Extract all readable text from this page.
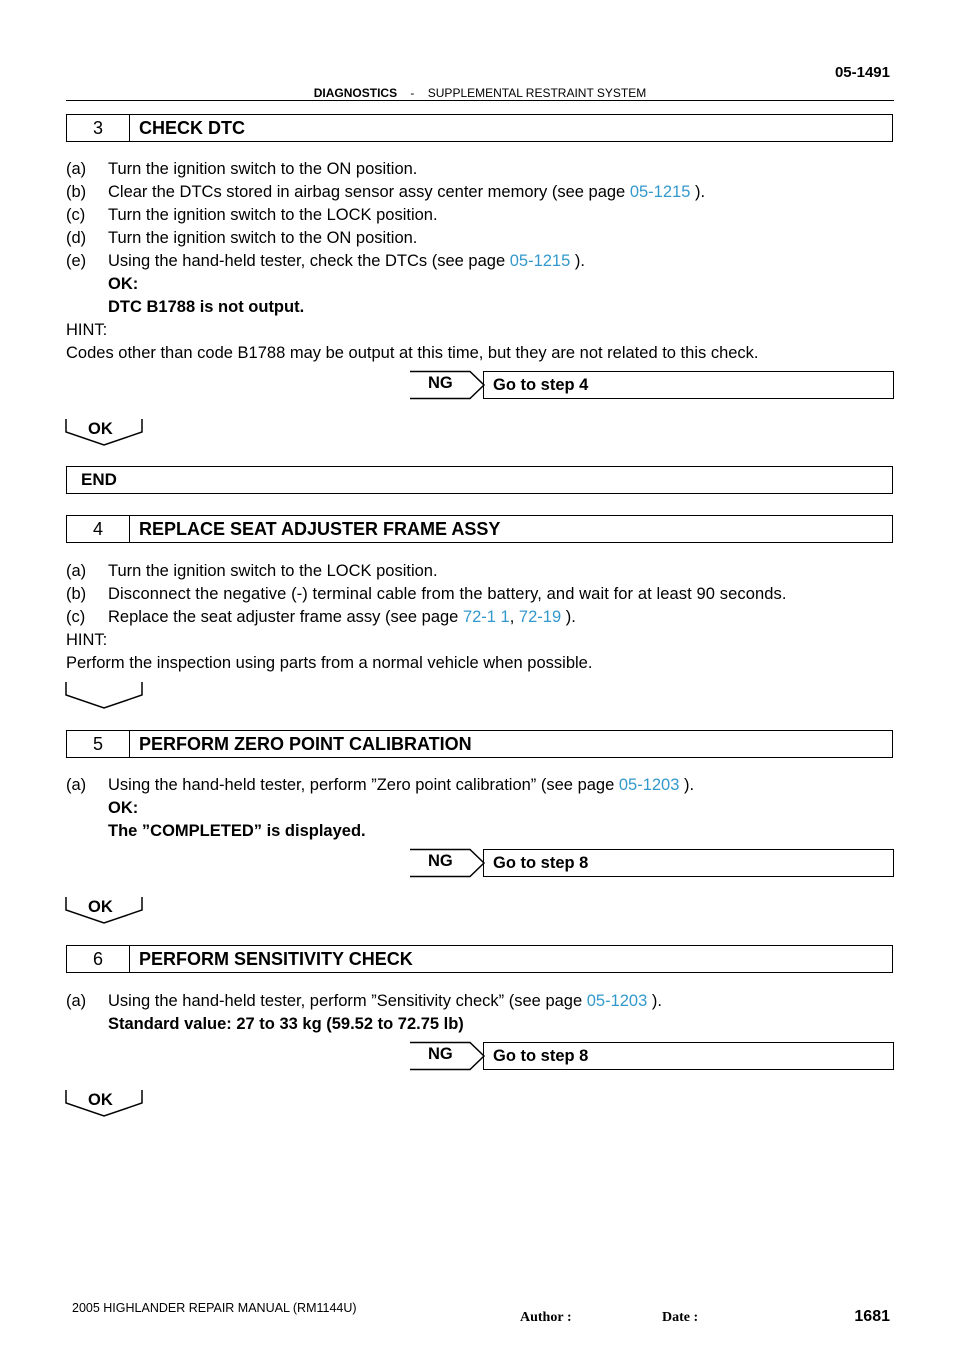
05-1491
DIAGNOSTICS - SUPPLEMENTAL RESTRAINT SYSTEM
3	CHECK DTC
(a) Turn the ignition switch to the ON position.
(b) Clear the DTCs stored in airbag sensor assy center memory (see page 05-1215 ).
(c) Turn the ignition switch to the LOCK position.
(d) Turn the ignition switch to the ON position.
(e) Using the hand-held tester, check the DTCs (see page 05-1215 ).
OK:
DTC B1788 is not output.
HINT:
Codes other than code B1788 may be output at this time, but they are not related to this check.
NG	Go to step 4
OK
END
4	REPLACE SEAT ADJUSTER FRAME ASSY
(a) Turn the ignition switch to the LOCK position.
(b) Disconnect the negative (-) terminal cable from the battery, and wait for at least 90 seconds.
(c) Replace the seat adjuster frame assy (see page 72-1 1, 72-19 ).
HINT:
Perform the inspection using parts from a normal vehicle when possible.
5	PERFORM ZERO POINT CALIBRATION
(a) Using the hand-held tester, perform ”Zero point calibration” (see page 05-1203 ).
OK:
The ”COMPLETED” is displayed.
NG	Go to step 8
OK
6	PERFORM SENSITIVITY CHECK
(a) Using the hand-held tester, perform ”Sensitivity check” (see page 05-1203 ).
Standard value: 27 to 33 kg (59.52 to 72.75 lb)
NG	Go to step 8
OK
2005 HIGHLANDER REPAIR MANUAL (RM1144U)
Author :	Date :	1681
